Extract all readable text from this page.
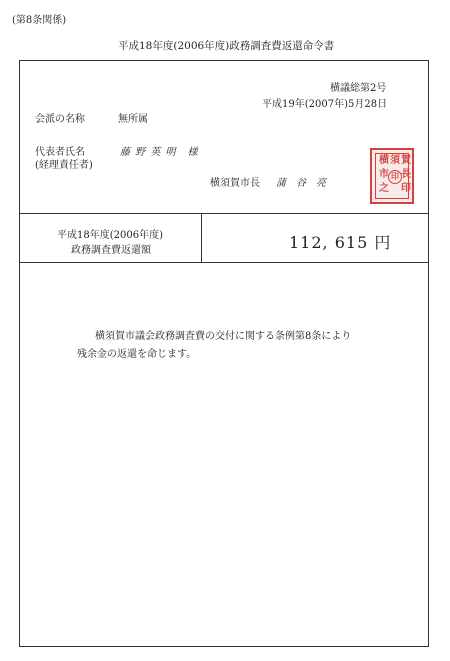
(第8条関係)
平成18年度(2006年度)政務調査費返還命令書
横議総第2号
平成19年(2007年)5月28日
会派の名称	無所属
代表者氏名
(経理責任者)
藤 野 英 明　様
横須賀市長 蒲　谷　亮
横 須 賀
市 長
之 印
印
平成18年度(2006年度)
政務調査費返還額	112, 615 円
横須賀市議会政務調査費の交付に関する条例第8条により
残余金の返還を命じます。
